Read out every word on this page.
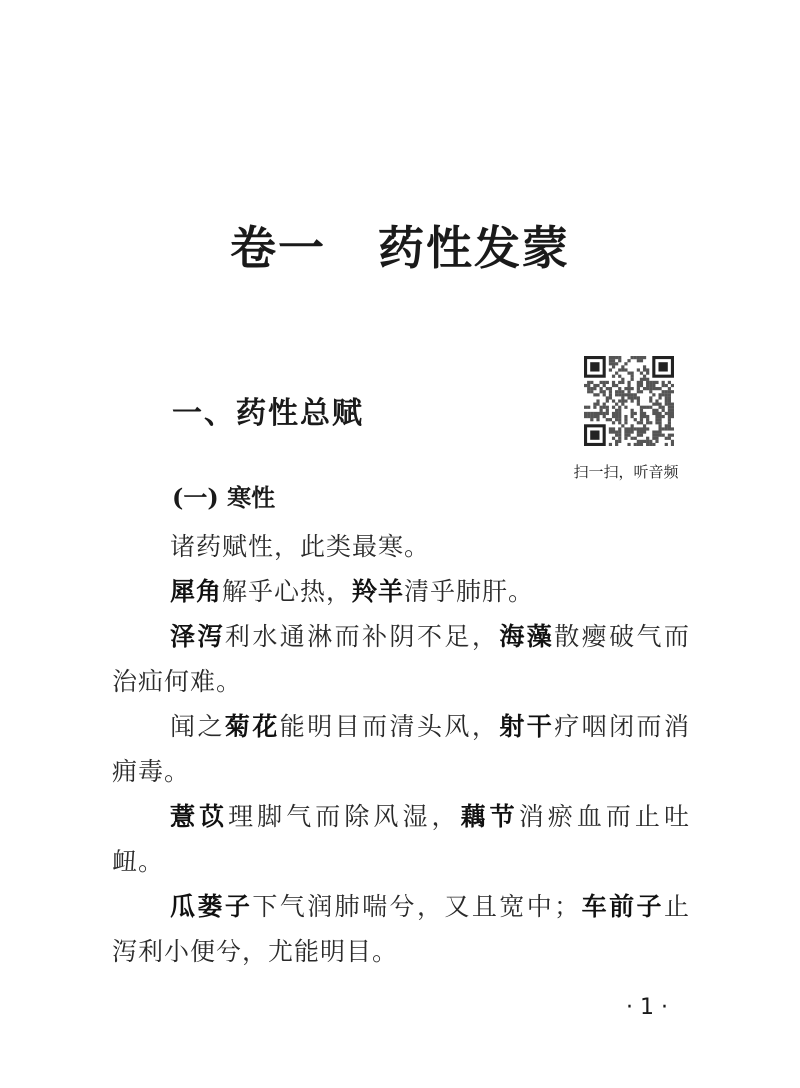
卷一 药性发蒙
一、药性总赋
扫一扫，听音频
(一) 寒性

诸药赋性，此类最寒。

犀角解乎心热，羚羊清乎肺肝。

泽泻利水通淋而补阴不足，海藻散瘿破气而治疝何难。

闻之菊花能明目而清头风，射干疗咽闭而消痈毒。

薏苡理脚气而除风湿，藕节消瘀血而止吐衄。

瓜蒌子下气润肺喘兮，又且宽中；车前子止泻利小便兮，尤能明目。

· 1 ·
